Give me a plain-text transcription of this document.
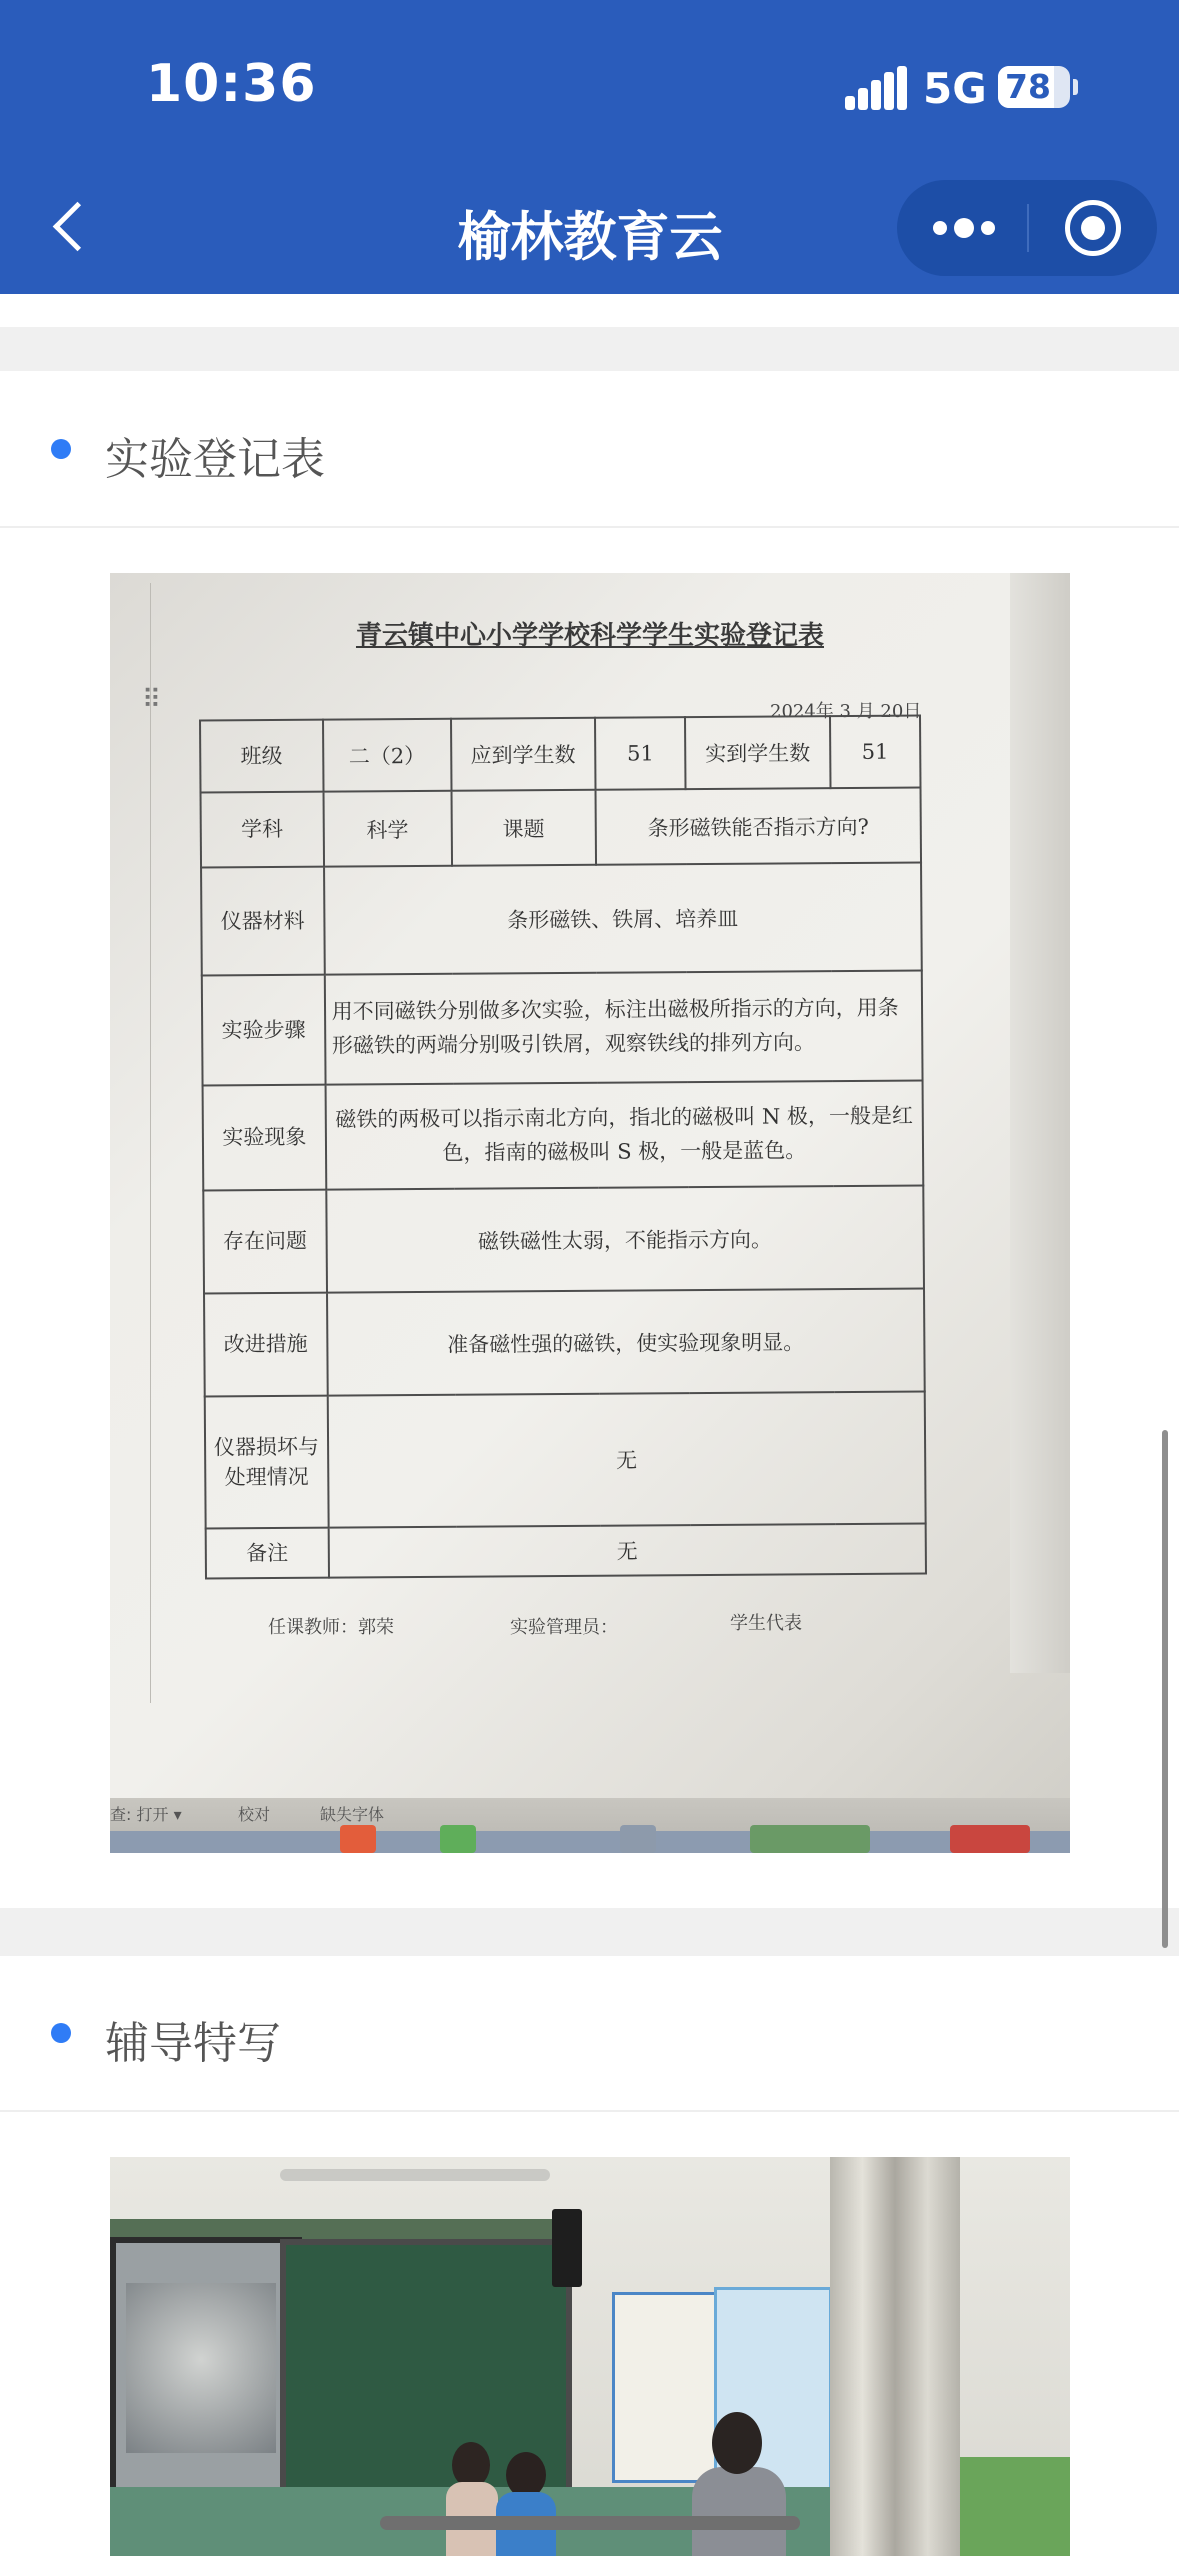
10:36	5G 78
榆林教育云
实验登记表
⠿
青云镇中心小学学校科学学生实验登记表
2024年 3 月 20日
班级	二（2）	应到学生数	51	实到学生数	51
学科	科学	课题	条形磁铁能否指示方向?		
仪器材料	条形磁铁、铁屑、培养皿				
实验步骤	用不同磁铁分别做多次实验，标注出磁极所指示的方向，用条形磁铁的两端分别吸引铁屑，观察铁线的排列方向。				
实验现象	磁铁的两极可以指示南北方向，指北的磁极叫 N 极，一般是红色，指南的磁极叫 S 极，一般是蓝色。				
存在问题	磁铁磁性太弱，不能指示方向。				
改进措施	准备磁性强的磁铁，使实验现象明显。				
仪器损坏与处理情况	无				
备注	无				
任课教师：郭荣	实验管理员：	学生代表
查: 打开 ▾	校对	缺失字体
辅导特写
